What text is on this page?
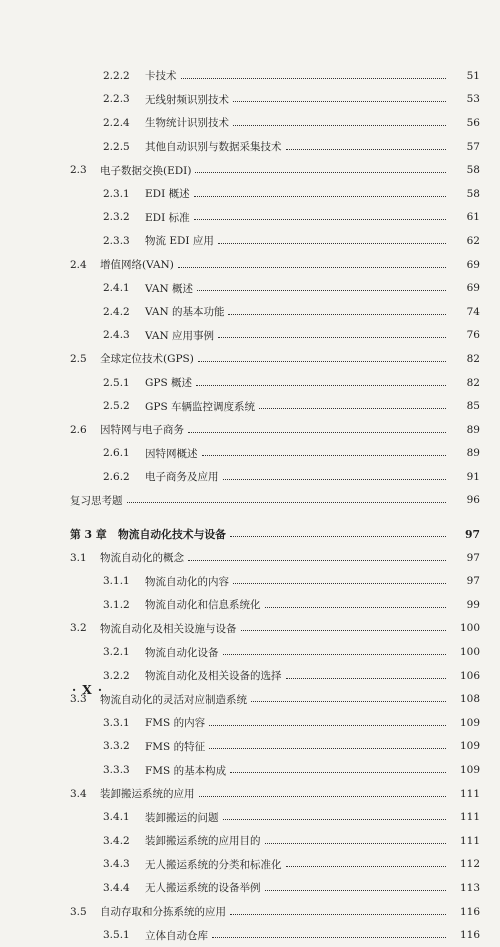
2.2.2	卡技术	51
2.2.3	无线射频识别技术	53
2.2.4	生物统计识别技术	56
2.2.5	其他自动识别与数据采集技术	57
2.3	电子数据交换(EDI)	58
2.3.1	EDI 概述	58
2.3.2	EDI 标准	61
2.3.3	物流 EDI 应用	62
2.4	增值网络(VAN)	69
2.4.1	VAN 概述	69
2.4.2	VAN 的基本功能	74
2.4.3	VAN 应用事例	76
2.5	全球定位技术(GPS)	82
2.5.1	GPS 概述	82
2.5.2	GPS 车辆监控调度系统	85
2.6	因特网与电子商务	89
2.6.1	因特网概述	89
2.6.2	电子商务及应用	91
复习思考题	96
第 3 章	物流自动化技术与设备	97
3.1	物流自动化的概念	97
3.1.1	物流自动化的内容	97
3.1.2	物流自动化和信息系统化	99
3.2	物流自动化及相关设施与设备	100
3.2.1	物流自动化设备	100
3.2.2	物流自动化及相关设备的选择	106
3.3	物流自动化的灵活对应制造系统	108
3.3.1	FMS 的内容	109
3.3.2	FMS 的特征	109
3.3.3	FMS 的基本构成	109
3.4	装卸搬运系统的应用	111
3.4.1	装卸搬运的问题	111
3.4.2	装卸搬运系统的应用目的	111
3.4.3	无人搬运系统的分类和标准化	112
3.4.4	无人搬运系统的设备举例	113
3.5	自动存取和分拣系统的应用	116
3.5.1	立体自动仓库	116
· X ·
